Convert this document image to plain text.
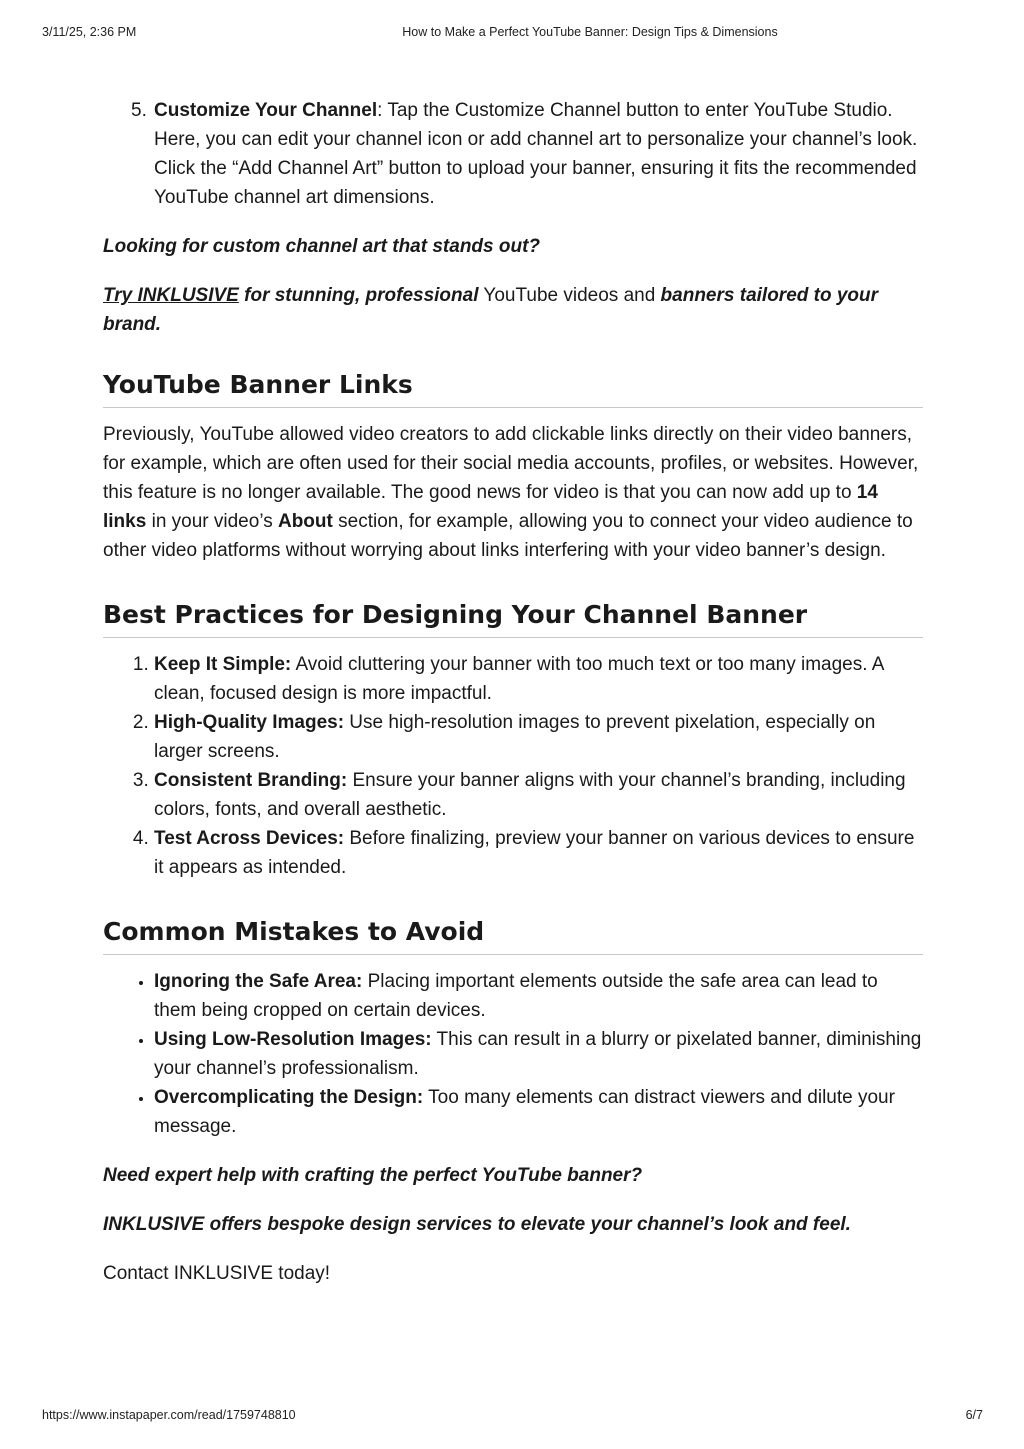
3/11/25, 2:36 PM	How to Make a Perfect YouTube Banner: Design Tips & Dimensions
5. Customize Your Channel: Tap the Customize Channel button to enter YouTube Studio. Here, you can edit your channel icon or add channel art to personalize your channel’s look. Click the “Add Channel Art” button to upload your banner, ensuring it fits the recommended YouTube channel art dimensions.

Looking for custom channel art that stands out?

Try INKLUSIVE for stunning, professional YouTube videos and banners tailored to your brand.

YouTube Banner Links

Previously, YouTube allowed video creators to add clickable links directly on their video banners, for example, which are often used for their social media accounts, profiles, or websites. However, this feature is no longer available. The good news for video is that you can now add up to 14 links in your video’s About section, for example, allowing you to connect your video audience to other video platforms without worrying about links interfering with your video banner’s design.

Best Practices for Designing Your Channel Banner
1. Keep It Simple: Avoid cluttering your banner with too much text or too many images. A clean, focused design is more impactful.
2. High-Quality Images: Use high-resolution images to prevent pixelation, especially on larger screens.
3. Consistent Branding: Ensure your banner aligns with your channel’s branding, including colors, fonts, and overall aesthetic.
4. Test Across Devices: Before finalizing, preview your banner on various devices to ensure it appears as intended.
Common Mistakes to Avoid
• Ignoring the Safe Area: Placing important elements outside the safe area can lead to them being cropped on certain devices.
• Using Low-Resolution Images: This can result in a blurry or pixelated banner, diminishing your channel’s professionalism.
• Overcomplicating the Design: Too many elements can distract viewers and dilute your message.

Need expert help with crafting the perfect YouTube banner?

INKLUSIVE offers bespoke design services to elevate your channel’s look and feel.

Contact INKLUSIVE today!

https://www.instapaper.com/read/1759748810	6/7
